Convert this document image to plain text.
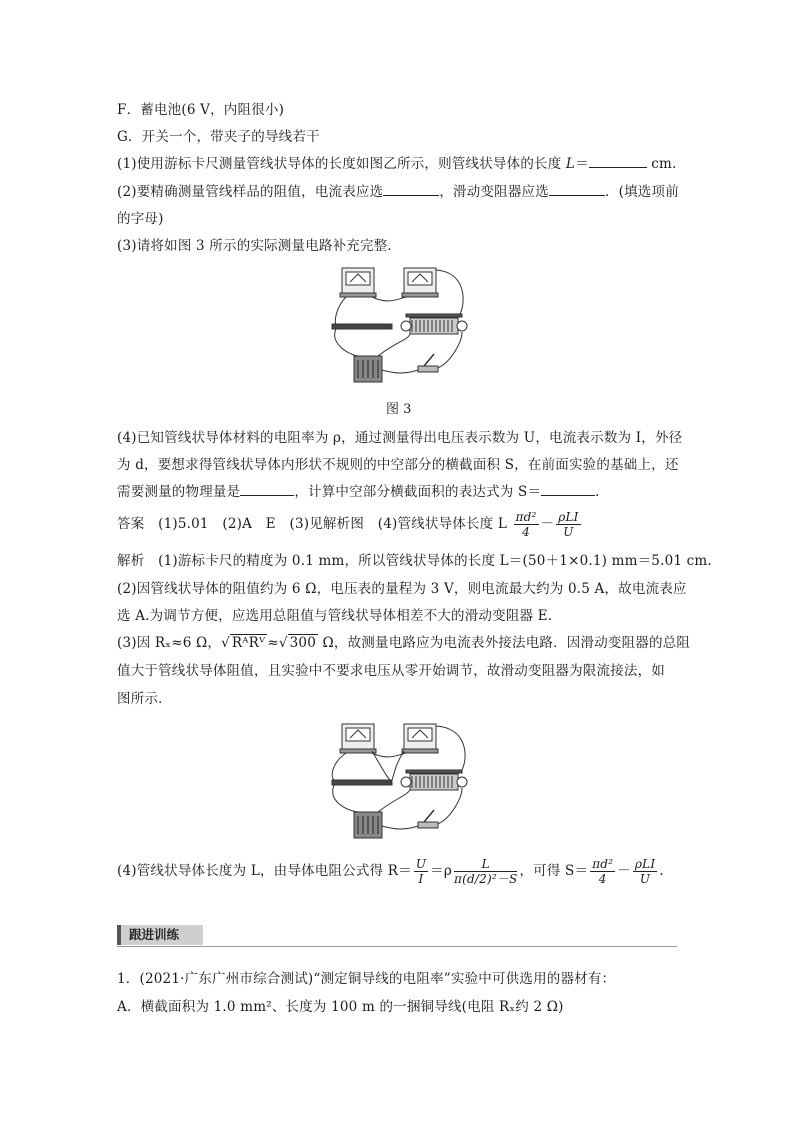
F．蓄电池(6 V，内阻很小)
G．开关一个，带夹子的导线若干
(1)使用游标卡尺测量管线状导体的长度如图乙所示，则管线状导体的长度 L＝	cm.
(2)要精确测量管线样品的阻值，电流表应选	，滑动变阻器应选	．(填选项前
的字母)
(3)请将如图 3 所示的实际测量电路补充完整．
图 3
(4)已知管线状导体材料的电阻率为 ρ，通过测量得出电压表示数为 U，电流表示数为 I，外径
为 d，要想求得管线状导体内形状不规则的中空部分的横截面积 S，在前面实验的基础上，还
需要测量的物理量是	，计算中空部分横截面积的表达式为 S＝	．
答案　(1)5.01　(2)A　E　(3)见解析图　(4)管线状导体长度 L $\frac{\text{πd²}}{4} - \frac{\text{ρLI}}{U}$
解析　(1)游标卡尺的精度为 0.1 mm，所以管线状导体的长度 L＝(50＋1×0.1) mm＝5.01 cm.
(2)因管线状导体的阻值约为 6 Ω，电压表的量程为 3 V，则电流最大约为 0.5 A，故电流表应
选 A.为调节方便，应选用总阻值与管线状导体相差不大的滑动变阻器 E.
(3)因 Rₓ≈6 Ω，√ RᴬRⱽ ≈√ 300 Ω，故测量电路应为电流表外接法电路．因滑动变阻器的总阻
值大于管线状导体阻值，且实验中不要求电压从零开始调节，故滑动变阻器为限流接法，如
图所示．
(4)管线状导体长度为 L，由导体电阻公式得 $R= \frac{U}{I} =\rho \frac{L}{\text{π(d/2)²－S}}$ ，可得 $S= \frac{\text{πd²}}{4} - \frac{\text{ρLI}}{U}$ .
跟进训练
1．(2021·广东广州市综合测试)“测定铜导线的电阻率”实验中可供选用的器材有：
A．横截面积为 1.0 mm²、长度为 100 m 的一捆铜导线(电阻 Rₓ约 2 Ω)
